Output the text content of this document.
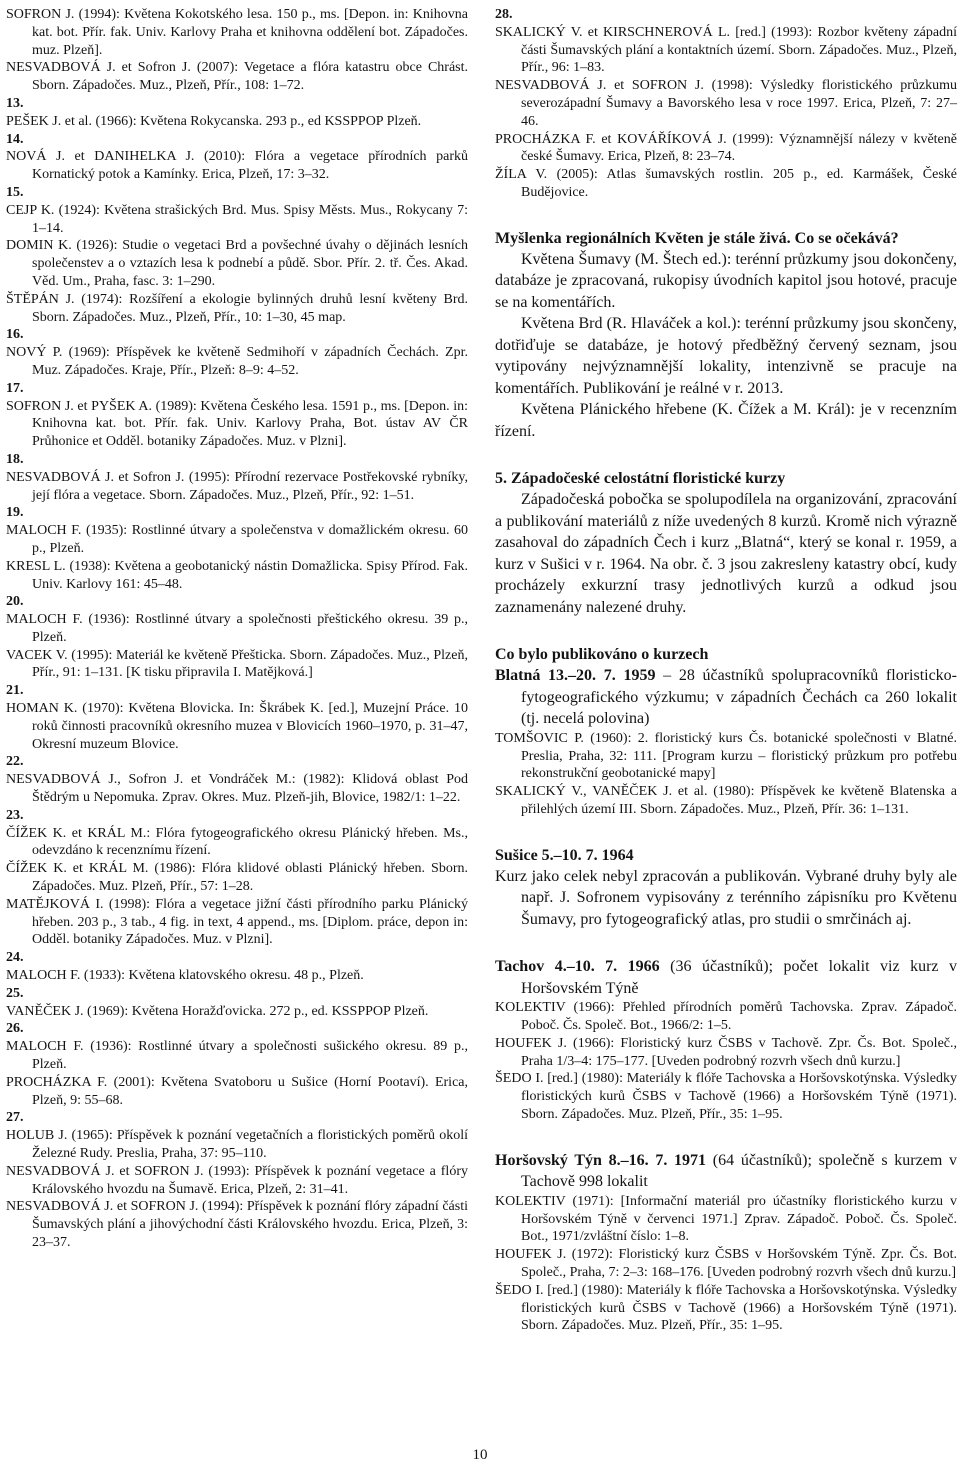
SOFRON J. (1994): Květena Kokotského lesa. 150 p., ms. [Depon. in: Knihovna kat. bot. Přír. fak. Univ. Karlovy Praha et knihovna oddělení bot. Západočes. muz. Plzeň].
NESVADBOVÁ J. et Sofron J. (2007): Vegetace a flóra katastru obce Chrást. Sborn. Západočes. Muz., Plzeň, Přír., 108: 1–72.
13.
PEŠEK J. et al. (1966): Květena Rokycanska. 293 p., ed KSSPPOP Plzeň.
14.
NOVÁ J. et DANIHELKA J. (2010): Flóra a vegetace přírodních parků Kornatický potok a Kamínky. Erica, Plzeň, 17: 3–32.
15.
CEJP K. (1924): Květena strašických Brd. Mus. Spisy Městs. Mus., Rokycany 7: 1–14.
DOMIN K. (1926): Studie o vegetaci Brd a povšechné úvahy o dějinách lesních společenstev a o vztazích lesa k podnebí a půdě. Sbor. Přír. 2. tř. Čes. Akad. Věd. Um., Praha, fasc. 3: 1–290.
ŠTĚPÁN J. (1974): Rozšíření a ekologie bylinných druhů lesní květeny Brd. Sborn. Západočes. Muz., Plzeň, Přír., 10: 1–30, 45 map.
16.
NOVÝ P. (1969): Příspěvek ke květeně Sedmihoří v západních Čechách. Zpr. Muz. Západočes. Kraje, Přír., Plzeň: 8–9: 4–52.
17.
SOFRON J. et PYŠEK A. (1989): Květena Českého lesa. 1591 p., ms. [Depon. in: Knihovna kat. bot. Přír. fak. Univ. Karlovy Praha, Bot. ústav AV ČR Průhonice et Odděl. botaniky Západočes. Muz. v Plzni].
18.
NESVADBOVÁ J. et Sofron J. (1995): Přírodní rezervace Postřekovské rybníky, její flóra a vegetace. Sborn. Západočes. Muz., Plzeň, Přír., 92: 1–51.
19.
MALOCH F. (1935): Rostlinné útvary a společenstva v domažlickém okresu. 60 p., Plzeň.
KRESL L. (1938): Květena a geobotanický nástin Domažlicka. Spisy Přírod. Fak. Univ. Karlovy 161: 45–48.
20.
MALOCH F. (1936): Rostlinné útvary a společnosti přeštického okresu. 39 p., Plzeň.
VACEK V. (1995): Materiál ke květeně Přešticka. Sborn. Západočes. Muz., Plzeň, Přír., 91: 1–131. [K tisku připravila I. Matějková.]
21.
HOMAN K. (1970): Květena Blovicka. In: Škrábek K. [ed.], Muzejní Práce. 10 roků činnosti pracovníků okresního muzea v Blovicích 1960–1970, p. 31–47, Okresní muzeum Blovice.
22.
NESVADBOVÁ J., Sofron J. et Vondráček M.: (1982): Klidová oblast Pod Štědrým u Nepomuka. Zprav. Okres. Muz. Plzeň-jih, Blovice, 1982/1: 1–22.
23.
ČÍŽEK K. et KRÁL M.: Flóra fytogeografického okresu Plánický hřeben. Ms., odevzdáno k recenznímu řízení.
ČÍŽEK K. et KRÁL M. (1986): Flóra klidové oblasti Plánický hřeben. Sborn. Západočes. Muz. Plzeň, Přír., 57: 1–28.
MATĚJKOVÁ I. (1998): Flóra a vegetace jižní části přírodního parku Plánický hřeben. 203 p., 3 tab., 4 fig. in text, 4 append., ms. [Diplom. práce, depon in: Odděl. botaniky Západočes. Muz. v Plzni].
24.
MALOCH F. (1933): Květena klatovského okresu. 48 p., Plzeň.
25.
VANĚČEK J. (1969): Květena Horažďovicka. 272 p., ed. KSSPPOP Plzeň.
26.
MALOCH F. (1936): Rostlinné útvary a společnosti sušického okresu. 89 p., Plzeň.
PROCHÁZKA F. (2001): Květena Svatoboru u Sušice (Horní Pootaví). Erica, Plzeň, 9: 55–68.
27.
HOLUB J. (1965): Příspěvek k poznání vegetačních a floristických poměrů okolí Železné Rudy. Preslia, Praha, 37: 95–110.
NESVADBOVÁ J. et SOFRON J. (1993): Příspěvek k poznání vegetace a flóry Královského hvozdu na Šumavě. Erica, Plzeň, 2: 31–41.
NESVADBOVÁ J. et SOFRON J. (1994): Příspěvek k poznání flóry západní části Šumavských plání a jihovýchodní části Královského hvozdu. Erica, Plzeň, 3: 23–37.
28.
SKALICKÝ V. et KIRSCHNEROVÁ L. [red.] (1993): Rozbor květeny západní části Šumavských plání a kontaktních území. Sborn. Západočes. Muz., Plzeň, Přír., 96: 1–83.
NESVADBOVÁ J. et SOFRON J. (1998): Výsledky floristického průzkumu severozápadní Šumavy a Bavorského lesa v roce 1997. Erica, Plzeň, 7: 27–46.
PROCHÁZKA F. et KOVÁŘÍKOVÁ J. (1999): Významnější nálezy v květeně české Šumavy. Erica, Plzeň, 8: 23–74.
ŽÍLA V. (2005): Atlas šumavských rostlin. 205 p., ed. Karmášek, České Budějovice.
Myšlenka regionálních Květen je stále živá. Co se očekává?
Květena Šumavy (M. Štech ed.): terénní průzkumy jsou dokončeny, databáze je zpracovaná, rukopisy úvodních kapitol jsou hotové, pracuje se na komentářích.
Květena Brd (R. Hlaváček a kol.): terénní průzkumy jsou skončeny, dotřiďuje se databáze, je hotový předběžný červený seznam, jsou vytipovány nejvýznamnější lokality, intenzivně se pracuje na komentářích. Publikování je reálné v r. 2013.
Květena Plánického hřebene (K. Čížek a M. Král): je v recenzním řízení.
5. Západočeské celostátní floristické kurzy
Západočeská pobočka se spolupodílela na organizování, zpracování a publikování materiálů z níže uvedených 8 kurzů. Kromě nich výrazně zasahoval do západních Čech i kurz „Blatná“, který se konal r. 1959, a kurz v Sušici v r. 1964. Na obr. č. 3 jsou zakresleny katastry obcí, kudy procházely exkurzní trasy jednotlivých kurzů a odkud jsou zaznamenány nalezené druhy.
Co bylo publikováno o kurzech
Blatná 13.–20. 7. 1959 – 28 účastníků spolupracovníků floristicko-fytogeografického výzkumu; v západních Čechách ca 260 lokalit (tj. necelá polovina)
TOMŠOVIC P. (1960): 2. floristický kurs Čs. botanické společnosti v Blatné. Preslia, Praha, 32: 111. [Program kurzu – floristický průzkum pro potřebu rekonstrukční geobotanické mapy]
SKALICKÝ V., VANĚČEK J. et al. (1980): Příspěvek ke květeně Blatenska a přilehlých území III. Sborn. Západočes. Muz., Plzeň, Přír. 36: 1–131.
Sušice 5.–10. 7. 1964
Kurz jako celek nebyl zpracován a publikován. Vybrané druhy byly ale např. J. Sofronem vypisovány z terénního zápisníku pro Květenu Šumavy, pro fytogeografický atlas, pro studii o smrčinách aj.
Tachov 4.–10. 7. 1966 (36 účastníků); počet lokalit viz kurz v Horšovském Týně
KOLEKTIV (1966): Přehled přírodních poměrů Tachovska. Zprav. Západoč. Poboč. Čs. Společ. Bot., 1966/2: 1–5.
HOUFEK J. (1966): Floristický kurz ČSBS v Tachově. Zpr. Čs. Bot. Společ., Praha 1/3–4: 175–177. [Uveden podrobný rozvrh všech dnů kurzu.]
ŠEDO I. [red.] (1980): Materiály k flóře Tachovska a Horšovskotýnska. Výsledky floristických kurů ČSBS v Tachově (1966) a Horšovském Týně (1971). Sborn. Západočes. Muz. Plzeň, Přír., 35: 1–95.
Horšovský Týn 8.–16. 7. 1971 (64 účastníků); společně s kurzem v Tachově 998 lokalit
KOLEKTIV (1971): [Informační materiál pro účastníky floristického kurzu v Horšovském Týně v červenci 1971.] Zprav. Západoč. Poboč. Čs. Společ. Bot., 1971/zvláštní číslo: 1–8.
HOUFEK J. (1972): Floristický kurz ČSBS v Horšovském Týně. Zpr. Čs. Bot. Společ., Praha, 7: 2–3: 168–176. [Uveden podrobný rozvrh všech dnů kurzu.]
ŠEDO I. [red.] (1980): Materiály k flóře Tachovska a Horšovskotýnska. Výsledky floristických kurů ČSBS v Tachově (1966) a Horšovském Týně (1971). Sborn. Západočes. Muz. Plzeň, Přír., 35: 1–95.
10
